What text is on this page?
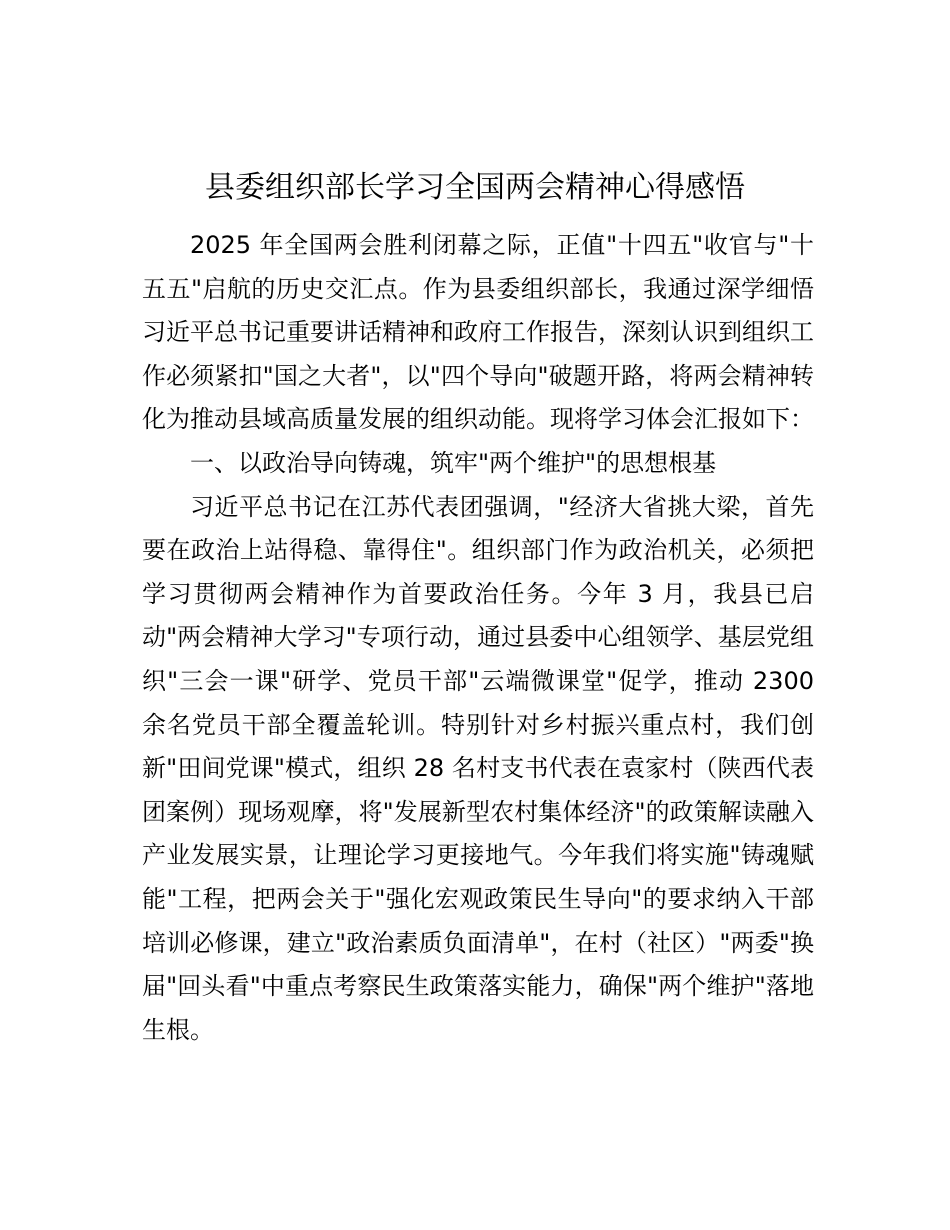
县委组织部长学习全国两会精神心得感悟

2025 年全国两会胜利闭幕之际，正值"十四五"收官与"十五五"启航的历史交汇点。作为县委组织部长，我通过深学细悟习近平总书记重要讲话精神和政府工作报告，深刻认识到组织工作必须紧扣"国之大者"，以"四个导向"破题开路，将两会精神转化为推动县域高质量发展的组织动能。现将学习体会汇报如下：

一、以政治导向铸魂，筑牢"两个维护"的思想根基

习近平总书记在江苏代表团强调，"经济大省挑大梁，首先要在政治上站得稳、靠得住"。组织部门作为政治机关，必须把学习贯彻两会精神作为首要政治任务。今年 3 月，我县已启动"两会精神大学习"专项行动，通过县委中心组领学、基层党组织"三会一课"研学、党员干部"云端微课堂"促学，推动 2300 余名党员干部全覆盖轮训。特别针对乡村振兴重点村，我们创新"田间党课"模式，组织 28 名村支书代表在袁家村（陕西代表团案例）现场观摩，将"发展新型农村集体经济"的政策解读融入产业发展实景，让理论学习更接地气。今年我们将实施"铸魂赋能"工程，把两会关于"强化宏观政策民生导向"的要求纳入干部培训必修课，建立"政治素质负面清单"，在村（社区）"两委"换届"回头看"中重点考察民生政策落实能力，确保"两个维护"落地生根。
